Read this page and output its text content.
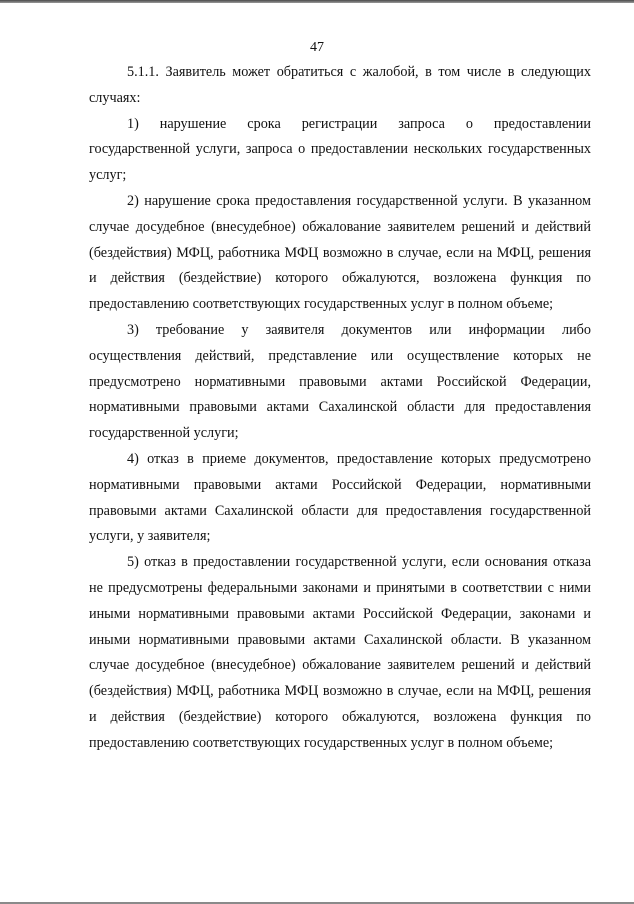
47

5.1.1. Заявитель может обратиться с жалобой, в том числе в следующих случаях:

1) нарушение срока регистрации запроса о предоставлении государственной услуги, запроса о предоставлении нескольких государственных услуг;

2) нарушение срока предоставления государственной услуги. В указанном случае досудебное (внесудебное) обжалование заявителем решений и действий (бездействия) МФЦ, работника МФЦ возможно в случае, если на МФЦ, решения и действия (бездействие) которого обжалуются, возложена функция по предоставлению соответствующих государственных услуг в полном объеме;

3) требование у заявителя документов или информации либо осуществления действий, представление или осуществление которых не предусмотрено нормативными правовыми актами Российской Федерации, нормативными правовыми актами Сахалинской области для предоставления государственной услуги;

4) отказ в приеме документов, предоставление которых предусмотрено нормативными правовыми актами Российской Федерации, нормативными правовыми актами Сахалинской области для предоставления государственной услуги, у заявителя;

5) отказ в предоставлении государственной услуги, если основания отказа не предусмотрены федеральными законами и принятыми в соответствии с ними иными нормативными правовыми актами Российской Федерации, законами и иными нормативными правовыми актами Сахалинской области. В указанном случае досудебное (внесудебное) обжалование заявителем решений и действий (бездействия) МФЦ, работника МФЦ возможно в случае, если на МФЦ, решения и действия (бездействие) которого обжалуются, возложена функция по предоставлению соответствующих государственных услуг в полном объеме;
